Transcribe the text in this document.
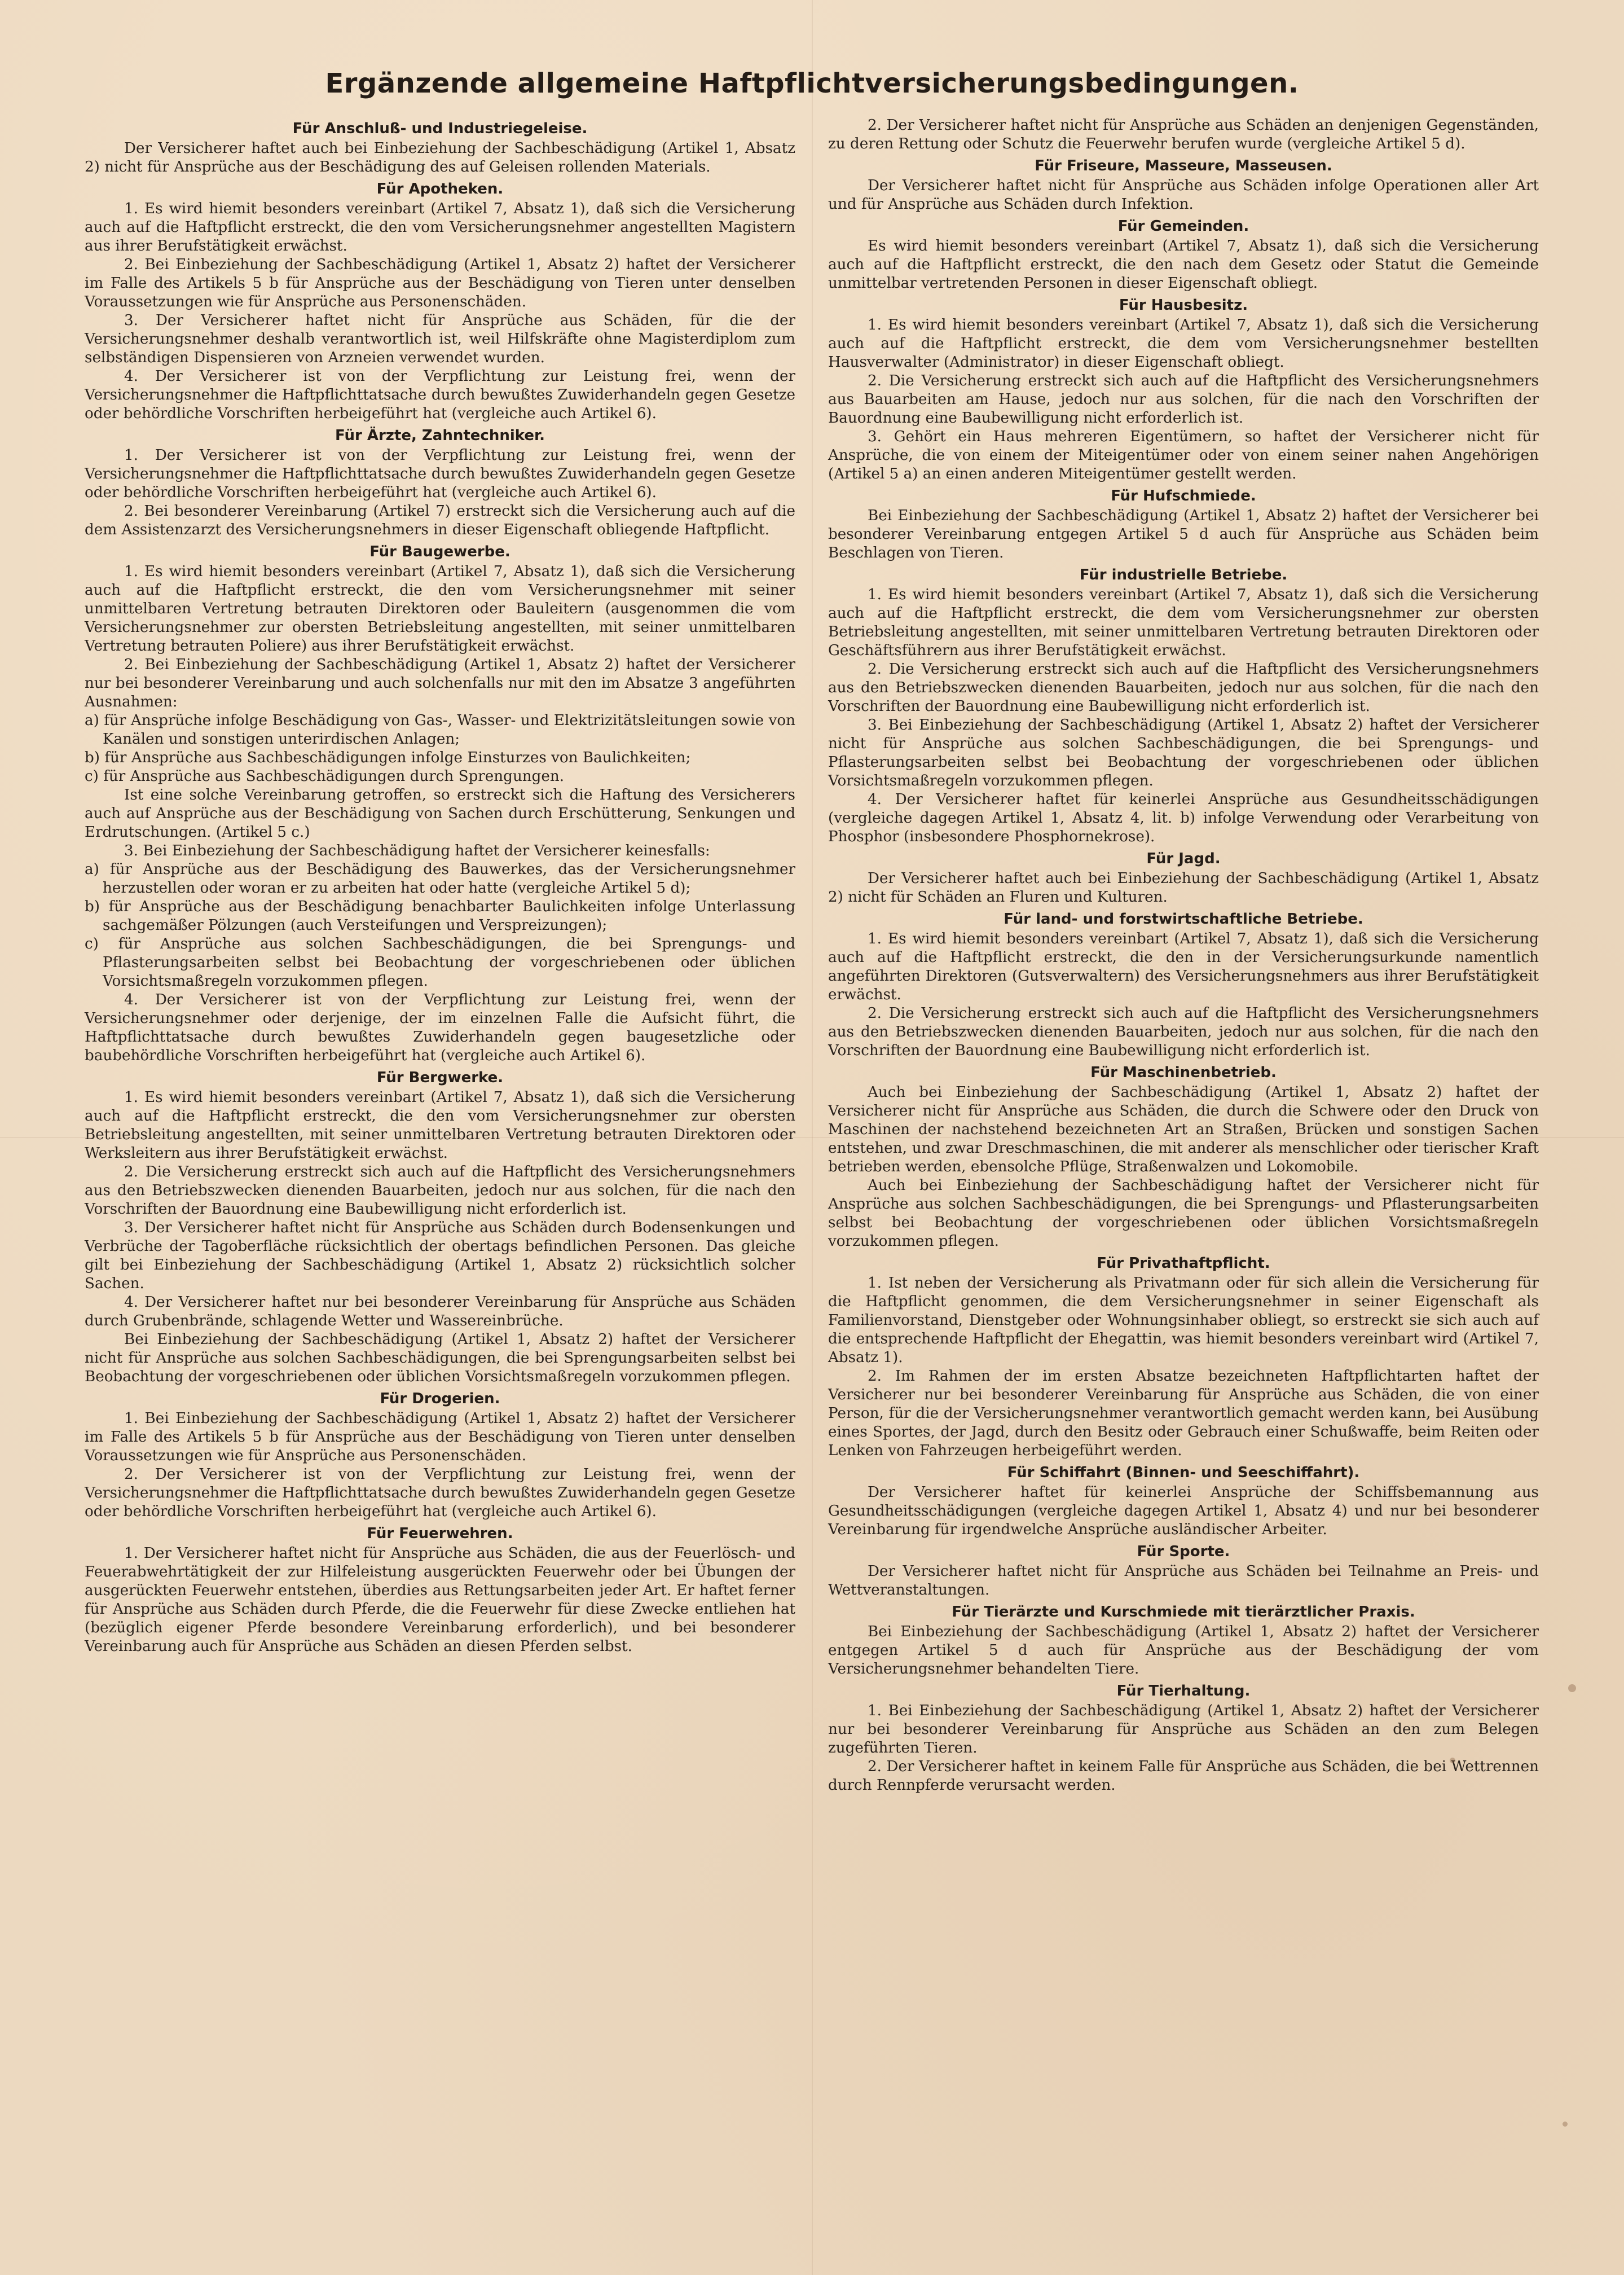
Ergänzende allgemeine Haftpflichtversicherungsbedingungen.
Für Anschluß- und Industriegeleise.

Der Versicherer haftet auch bei Einbeziehung der Sachbeschädigung (Artikel 1, Absatz 2) nicht für Ansprüche aus der Beschädigung des auf Geleisen rollenden Materials.

Für Apotheken.

1. Es wird hiemit besonders vereinbart (Artikel 7, Absatz 1), daß sich die Versicherung auch auf die Haftpflicht erstreckt, die den vom Versicherungsnehmer angestellten Magistern aus ihrer Berufstätigkeit erwächst.

2. Bei Einbeziehung der Sachbeschädigung (Artikel 1, Absatz 2) haftet der Versicherer im Falle des Artikels 5 b für Ansprüche aus der Beschädigung von Tieren unter denselben Voraussetzungen wie für Ansprüche aus Personenschäden.

3. Der Versicherer haftet nicht für Ansprüche aus Schäden, für die der Versicherungsnehmer deshalb verantwortlich ist, weil Hilfskräfte ohne Magisterdiplom zum selbständigen Dispensieren von Arzneien verwendet wurden.

4. Der Versicherer ist von der Verpflichtung zur Leistung frei, wenn der Versicherungsnehmer die Haftpflichttatsache durch bewußtes Zuwiderhandeln gegen Gesetze oder behördliche Vorschriften herbeigeführt hat (vergleiche auch Artikel 6).

Für Ärzte, Zahntechniker.

1. Der Versicherer ist von der Verpflichtung zur Leistung frei, wenn der Versicherungsnehmer die Haftpflichttatsache durch bewußtes Zuwiderhandeln gegen Gesetze oder behördliche Vorschriften herbeigeführt hat (vergleiche auch Artikel 6).

2. Bei besonderer Vereinbarung (Artikel 7) erstreckt sich die Versicherung auch auf die dem Assistenzarzt des Versicherungsnehmers in dieser Eigenschaft obliegende Haftpflicht.

Für Baugewerbe.

1. Es wird hiemit besonders vereinbart (Artikel 7, Absatz 1), daß sich die Versicherung auch auf die Haftpflicht erstreckt, die den vom Versicherungsnehmer mit seiner unmittelbaren Vertretung betrauten Direktoren oder Bauleitern (ausgenommen die vom Versicherungsnehmer zur obersten Betriebsleitung angestellten, mit seiner unmittelbaren Vertretung betrauten Poliere) aus ihrer Berufstätigkeit erwächst.

2. Bei Einbeziehung der Sachbeschädigung (Artikel 1, Absatz 2) haftet der Versicherer nur bei besonderer Vereinbarung und auch solchenfalls nur mit den im Absatze 3 angeführten Ausnahmen:

a) für Ansprüche infolge Beschädigung von Gas-, Wasser- und Elektrizitätsleitungen sowie von Kanälen und sonstigen unterirdischen Anlagen;

b) für Ansprüche aus Sachbeschädigungen infolge Einsturzes von Baulichkeiten;

c) für Ansprüche aus Sachbeschädigungen durch Sprengungen.

Ist eine solche Vereinbarung getroffen, so erstreckt sich die Haftung des Versicherers auch auf Ansprüche aus der Beschädigung von Sachen durch Erschütterung, Senkungen und Erdrutschungen. (Artikel 5 c.)

3. Bei Einbeziehung der Sachbeschädigung haftet der Versicherer keinesfalls:

a) für Ansprüche aus der Beschädigung des Bauwerkes, das der Versicherungsnehmer herzustellen oder woran er zu arbeiten hat oder hatte (vergleiche Artikel 5 d);

b) für Ansprüche aus der Beschädigung benachbarter Baulichkeiten infolge Unterlassung sachgemäßer Pölzungen (auch Versteifungen und Verspreizungen);

c) für Ansprüche aus solchen Sachbeschädigungen, die bei Sprengungs- und Pflasterungsarbeiten selbst bei Beobachtung der vorgeschriebenen oder üblichen Vorsichtsmaßregeln vorzukommen pflegen.

4. Der Versicherer ist von der Verpflichtung zur Leistung frei, wenn der Versicherungsnehmer oder derjenige, der im einzelnen Falle die Aufsicht führt, die Haftpflichttatsache durch bewußtes Zuwiderhandeln gegen baugesetzliche oder baubehördliche Vorschriften herbeigeführt hat (vergleiche auch Artikel 6).

Für Bergwerke.

1. Es wird hiemit besonders vereinbart (Artikel 7, Absatz 1), daß sich die Versicherung auch auf die Haftpflicht erstreckt, die den vom Versicherungsnehmer zur obersten Betriebsleitung angestellten, mit seiner unmittelbaren Vertretung betrauten Direktoren oder Werksleitern aus ihrer Berufstätigkeit erwächst.

2. Die Versicherung erstreckt sich auch auf die Haftpflicht des Versicherungsnehmers aus den Betriebszwecken dienenden Bauarbeiten, jedoch nur aus solchen, für die nach den Vorschriften der Bauordnung eine Baubewilligung nicht erforderlich ist.

3. Der Versicherer haftet nicht für Ansprüche aus Schäden durch Bodensenkungen und Verbrüche der Tagoberfläche rücksichtlich der obertags befindlichen Personen. Das gleiche gilt bei Einbeziehung der Sachbeschädigung (Artikel 1, Absatz 2) rücksichtlich solcher Sachen.

4. Der Versicherer haftet nur bei besonderer Vereinbarung für Ansprüche aus Schäden durch Grubenbrände, schlagende Wetter und Wassereinbrüche.

Bei Einbeziehung der Sachbeschädigung (Artikel 1, Absatz 2) haftet der Versicherer nicht für Ansprüche aus solchen Sachbeschädigungen, die bei Sprengungsarbeiten selbst bei Beobachtung der vorgeschriebenen oder üblichen Vorsichtsmaßregeln vorzukommen pflegen.

Für Drogerien.

1. Bei Einbeziehung der Sachbeschädigung (Artikel 1, Absatz 2) haftet der Versicherer im Falle des Artikels 5 b für Ansprüche aus der Beschädigung von Tieren unter denselben Voraussetzungen wie für Ansprüche aus Personenschäden.

2. Der Versicherer ist von der Verpflichtung zur Leistung frei, wenn der Versicherungsnehmer die Haftpflichttatsache durch bewußtes Zuwiderhandeln gegen Gesetze oder behördliche Vorschriften herbeigeführt hat (vergleiche auch Artikel 6).

Für Feuerwehren.

1. Der Versicherer haftet nicht für Ansprüche aus Schäden, die aus der Feuerlösch- und Feuerabwehrtätigkeit der zur Hilfeleistung ausgerückten Feuerwehr oder bei Übungen der ausgerückten Feuerwehr entstehen, überdies aus Rettungsarbeiten jeder Art. Er haftet ferner für Ansprüche aus Schäden durch Pferde, die die Feuerwehr für diese Zwecke entliehen hat (bezüglich eigener Pferde besondere Vereinbarung erforderlich), und bei besonderer Vereinbarung auch für Ansprüche aus Schäden an diesen Pferden selbst.

2. Der Versicherer haftet nicht für Ansprüche aus Schäden an denjenigen Gegenständen, zu deren Rettung oder Schutz die Feuerwehr berufen wurde (vergleiche Artikel 5 d).

Für Friseure, Masseure, Masseusen.

Der Versicherer haftet nicht für Ansprüche aus Schäden infolge Operationen aller Art und für Ansprüche aus Schäden durch Infektion.

Für Gemeinden.

Es wird hiemit besonders vereinbart (Artikel 7, Absatz 1), daß sich die Versicherung auch auf die Haftpflicht erstreckt, die den nach dem Gesetz oder Statut die Gemeinde unmittelbar vertretenden Personen in dieser Eigenschaft obliegt.

Für Hausbesitz.

1. Es wird hiemit besonders vereinbart (Artikel 7, Absatz 1), daß sich die Versicherung auch auf die Haftpflicht erstreckt, die dem vom Versicherungsnehmer bestellten Hausverwalter (Administrator) in dieser Eigenschaft obliegt.

2. Die Versicherung erstreckt sich auch auf die Haftpflicht des Versicherungsnehmers aus Bauarbeiten am Hause, jedoch nur aus solchen, für die nach den Vorschriften der Bauordnung eine Baubewilligung nicht erforderlich ist.

3. Gehört ein Haus mehreren Eigentümern, so haftet der Versicherer nicht für Ansprüche, die von einem der Miteigentümer oder von einem seiner nahen Angehörigen (Artikel 5 a) an einen anderen Miteigentümer gestellt werden.

Für Hufschmiede.

Bei Einbeziehung der Sachbeschädigung (Artikel 1, Absatz 2) haftet der Versicherer bei besonderer Vereinbarung entgegen Artikel 5 d auch für Ansprüche aus Schäden beim Beschlagen von Tieren.

Für industrielle Betriebe.

1. Es wird hiemit besonders vereinbart (Artikel 7, Absatz 1), daß sich die Versicherung auch auf die Haftpflicht erstreckt, die dem vom Versicherungsnehmer zur obersten Betriebsleitung angestellten, mit seiner unmittelbaren Vertretung betrauten Direktoren oder Geschäftsführern aus ihrer Berufstätigkeit erwächst.

2. Die Versicherung erstreckt sich auch auf die Haftpflicht des Versicherungsnehmers aus den Betriebszwecken dienenden Bauarbeiten, jedoch nur aus solchen, für die nach den Vorschriften der Bauordnung eine Baubewilligung nicht erforderlich ist.

3. Bei Einbeziehung der Sachbeschädigung (Artikel 1, Absatz 2) haftet der Versicherer nicht für Ansprüche aus solchen Sachbeschädigungen, die bei Sprengungs- und Pflasterungsarbeiten selbst bei Beobachtung der vorgeschriebenen oder üblichen Vorsichtsmaßregeln vorzukommen pflegen.

4. Der Versicherer haftet für keinerlei Ansprüche aus Gesundheitsschädigungen (vergleiche dagegen Artikel 1, Absatz 4, lit. b) infolge Verwendung oder Verarbeitung von Phosphor (insbesondere Phosphornekrose).

Für Jagd.

Der Versicherer haftet auch bei Einbeziehung der Sachbeschädigung (Artikel 1, Absatz 2) nicht für Schäden an Fluren und Kulturen.

Für land- und forstwirtschaftliche Betriebe.

1. Es wird hiemit besonders vereinbart (Artikel 7, Absatz 1), daß sich die Versicherung auch auf die Haftpflicht erstreckt, die den in der Versicherungsurkunde namentlich angeführten Direktoren (Gutsverwaltern) des Versicherungsnehmers aus ihrer Berufstätigkeit erwächst.

2. Die Versicherung erstreckt sich auch auf die Haftpflicht des Versicherungsnehmers aus den Betriebszwecken dienenden Bauarbeiten, jedoch nur aus solchen, für die nach den Vorschriften der Bauordnung eine Baubewilligung nicht erforderlich ist.

Für Maschinenbetrieb.

Auch bei Einbeziehung der Sachbeschädigung (Artikel 1, Absatz 2) haftet der Versicherer nicht für Ansprüche aus Schäden, die durch die Schwere oder den Druck von Maschinen der nachstehend bezeichneten Art an Straßen, Brücken und sonstigen Sachen entstehen, und zwar Dreschmaschinen, die mit anderer als menschlicher oder tierischer Kraft betrieben werden, ebensolche Pflüge, Straßenwalzen und Lokomobile.

Auch bei Einbeziehung der Sachbeschädigung haftet der Versicherer nicht für Ansprüche aus solchen Sachbeschädigungen, die bei Sprengungs- und Pflasterungsarbeiten selbst bei Beobachtung der vorgeschriebenen oder üblichen Vorsichtsmaßregeln vorzukommen pflegen.

Für Privathaftpflicht.

1. Ist neben der Versicherung als Privatmann oder für sich allein die Versicherung für die Haftpflicht genommen, die dem Versicherungsnehmer in seiner Eigenschaft als Familienvorstand, Dienstgeber oder Wohnungsinhaber obliegt, so erstreckt sie sich auch auf die entsprechende Haftpflicht der Ehegattin, was hiemit besonders vereinbart wird (Artikel 7, Absatz 1).

2. Im Rahmen der im ersten Absatze bezeichneten Haftpflichtarten haftet der Versicherer nur bei besonderer Vereinbarung für Ansprüche aus Schäden, die von einer Person, für die der Versicherungsnehmer verantwortlich gemacht werden kann, bei Ausübung eines Sportes, der Jagd, durch den Besitz oder Gebrauch einer Schußwaffe, beim Reiten oder Lenken von Fahrzeugen herbeigeführt werden.

Für Schiffahrt (Binnen- und Seeschiffahrt).

Der Versicherer haftet für keinerlei Ansprüche der Schiffsbemannung aus Gesundheitsschädigungen (vergleiche dagegen Artikel 1, Absatz 4) und nur bei besonderer Vereinbarung für irgendwelche Ansprüche ausländischer Arbeiter.

Für Sporte.

Der Versicherer haftet nicht für Ansprüche aus Schäden bei Teilnahme an Preis- und Wettveranstaltungen.

Für Tierärzte und Kurschmiede mit tierärztlicher Praxis.

Bei Einbeziehung der Sachbeschädigung (Artikel 1, Absatz 2) haftet der Versicherer entgegen Artikel 5 d auch für Ansprüche aus der Beschädigung der vom Versicherungsnehmer behandelten Tiere.

Für Tierhaltung.

1. Bei Einbeziehung der Sachbeschädigung (Artikel 1, Absatz 2) haftet der Versicherer nur bei besonderer Vereinbarung für Ansprüche aus Schäden an den zum Belegen zugeführten Tieren.

2. Der Versicherer haftet in keinem Falle für Ansprüche aus Schäden, die bei Wettrennen durch Rennpferde verursacht werden.
